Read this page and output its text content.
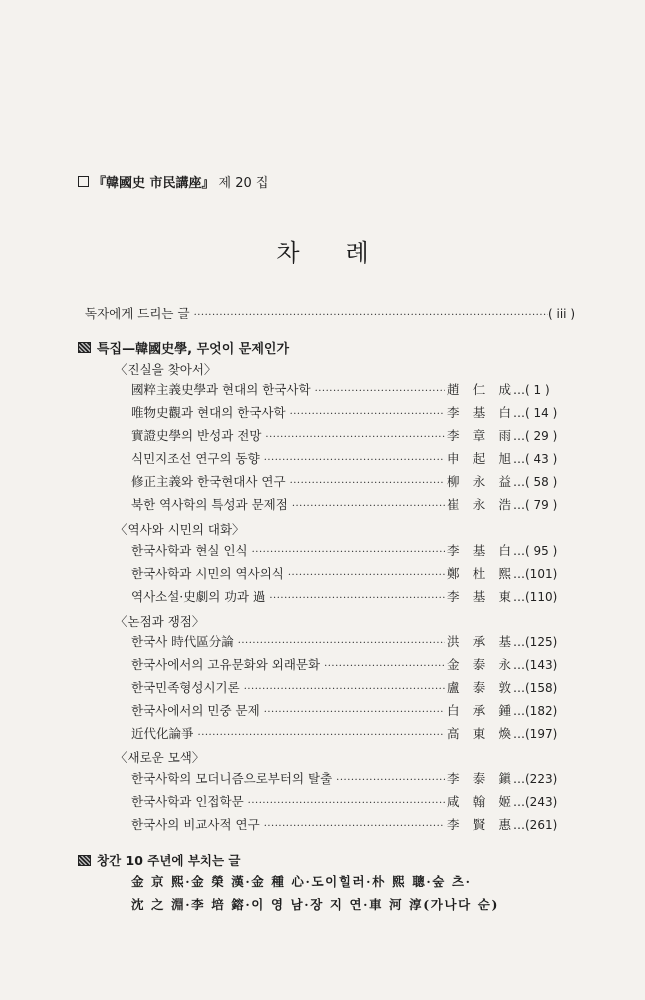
『韓國史 市民講座』 제 20 집
차 례
독자에게 드리는 글 ·····	( iii )
특집—韓國史學, 무엇이 문제인가
〈진실을 찾아서〉
國粹主義史學과 현대의 한국사학 ·····	趙 仁 成 …( 1 )
唯物史觀과 현대의 한국사학 ·····	李 基 白 …( 14 )
實證史學의 반성과 전망 ·····	李 章 雨 …( 29 )
식민지조선 연구의 동향 ·····	申 起 旭 …( 43 )
修正主義와 한국현대사 연구 ·····	柳 永 益 …( 58 )
북한 역사학의 특성과 문제점 ·····	崔 永 浩 …( 79 )
〈역사와 시민의 대화〉
한국사학과 현실 인식 ·····	李 基 白 …( 95 )
한국사학과 시민의 역사의식 ·····	鄭 杜 熙 …(101)
역사소설·史劇의 功과 過 ·····	李 基 東 …(110)
〈논점과 쟁점〉
한국사 時代區分論 ·····	洪 承 基 …(125)
한국사에서의 고유문화와 외래문화 ·····	金 泰 永 …(143)
한국민족형성시기론 ·····	盧 泰 敦 …(158)
한국사에서의 민중 문제 ·····	白 承 鍾 …(182)
近代化論爭 ·····	高 東 煥 …(197)
〈새로운 모색〉
한국사학의 모더니즘으로부터의 탈출 ·····	李 泰 鎭 …(223)
한국사학과 인접학문 ·····	咸 翰 姬 …(243)
한국사의 비교사적 연구 ·····	李 賢 惠 …(261)
창간 10 주년에 부치는 글
金 京 熙·金 榮 漢·金 種 心·도이힐러·朴 熙 聰·숲 츠·
沈 之 淵·李 培 鎔·이 영 남·장 지 연·車 河 淳(가나다 순)
